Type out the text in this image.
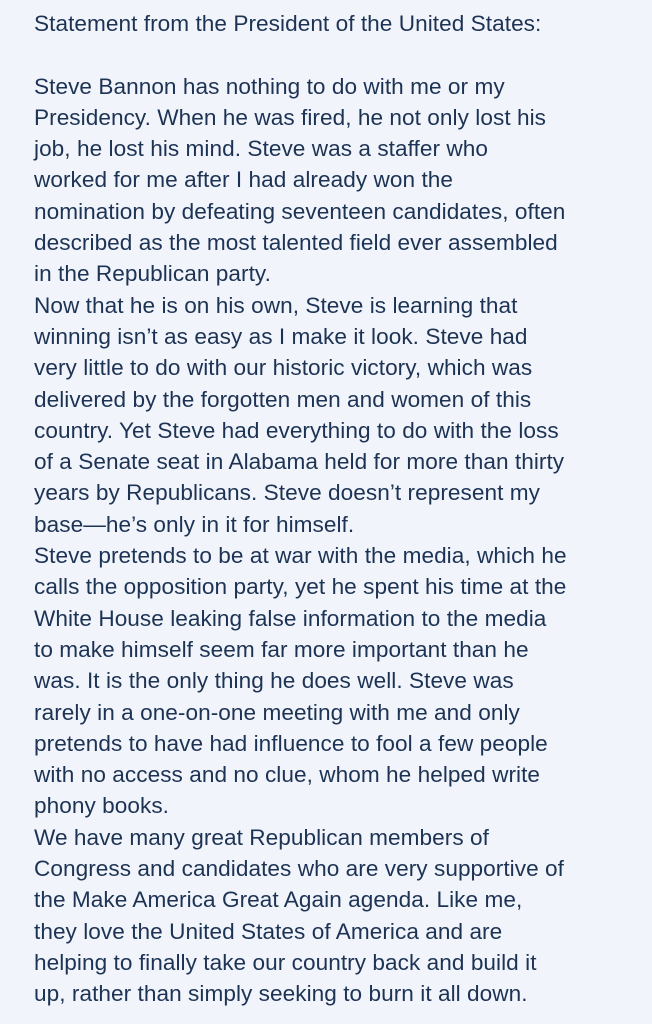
Statement from the President of the United States:
Steve Bannon has nothing to do with me or my
Presidency. When he was fired, he not only lost his
job, he lost his mind. Steve was a staffer who
worked for me after I had already won the
nomination by defeating seventeen candidates, often
described as the most talented field ever assembled
in the Republican party.
Now that he is on his own, Steve is learning that
winning isn’t as easy as I make it look. Steve had
very little to do with our historic victory, which was
delivered by the forgotten men and women of this
country. Yet Steve had everything to do with the loss
of a Senate seat in Alabama held for more than thirty
years by Republicans. Steve doesn’t represent my
base—he’s only in it for himself.
Steve pretends to be at war with the media, which he
calls the opposition party, yet he spent his time at the
White House leaking false information to the media
to make himself seem far more important than he
was. It is the only thing he does well. Steve was
rarely in a one-on-one meeting with me and only
pretends to have had influence to fool a few people
with no access and no clue, whom he helped write
phony books.
We have many great Republican members of
Congress and candidates who are very supportive of
the Make America Great Again agenda. Like me,
they love the United States of America and are
helping to finally take our country back and build it
up, rather than simply seeking to burn it all down.
